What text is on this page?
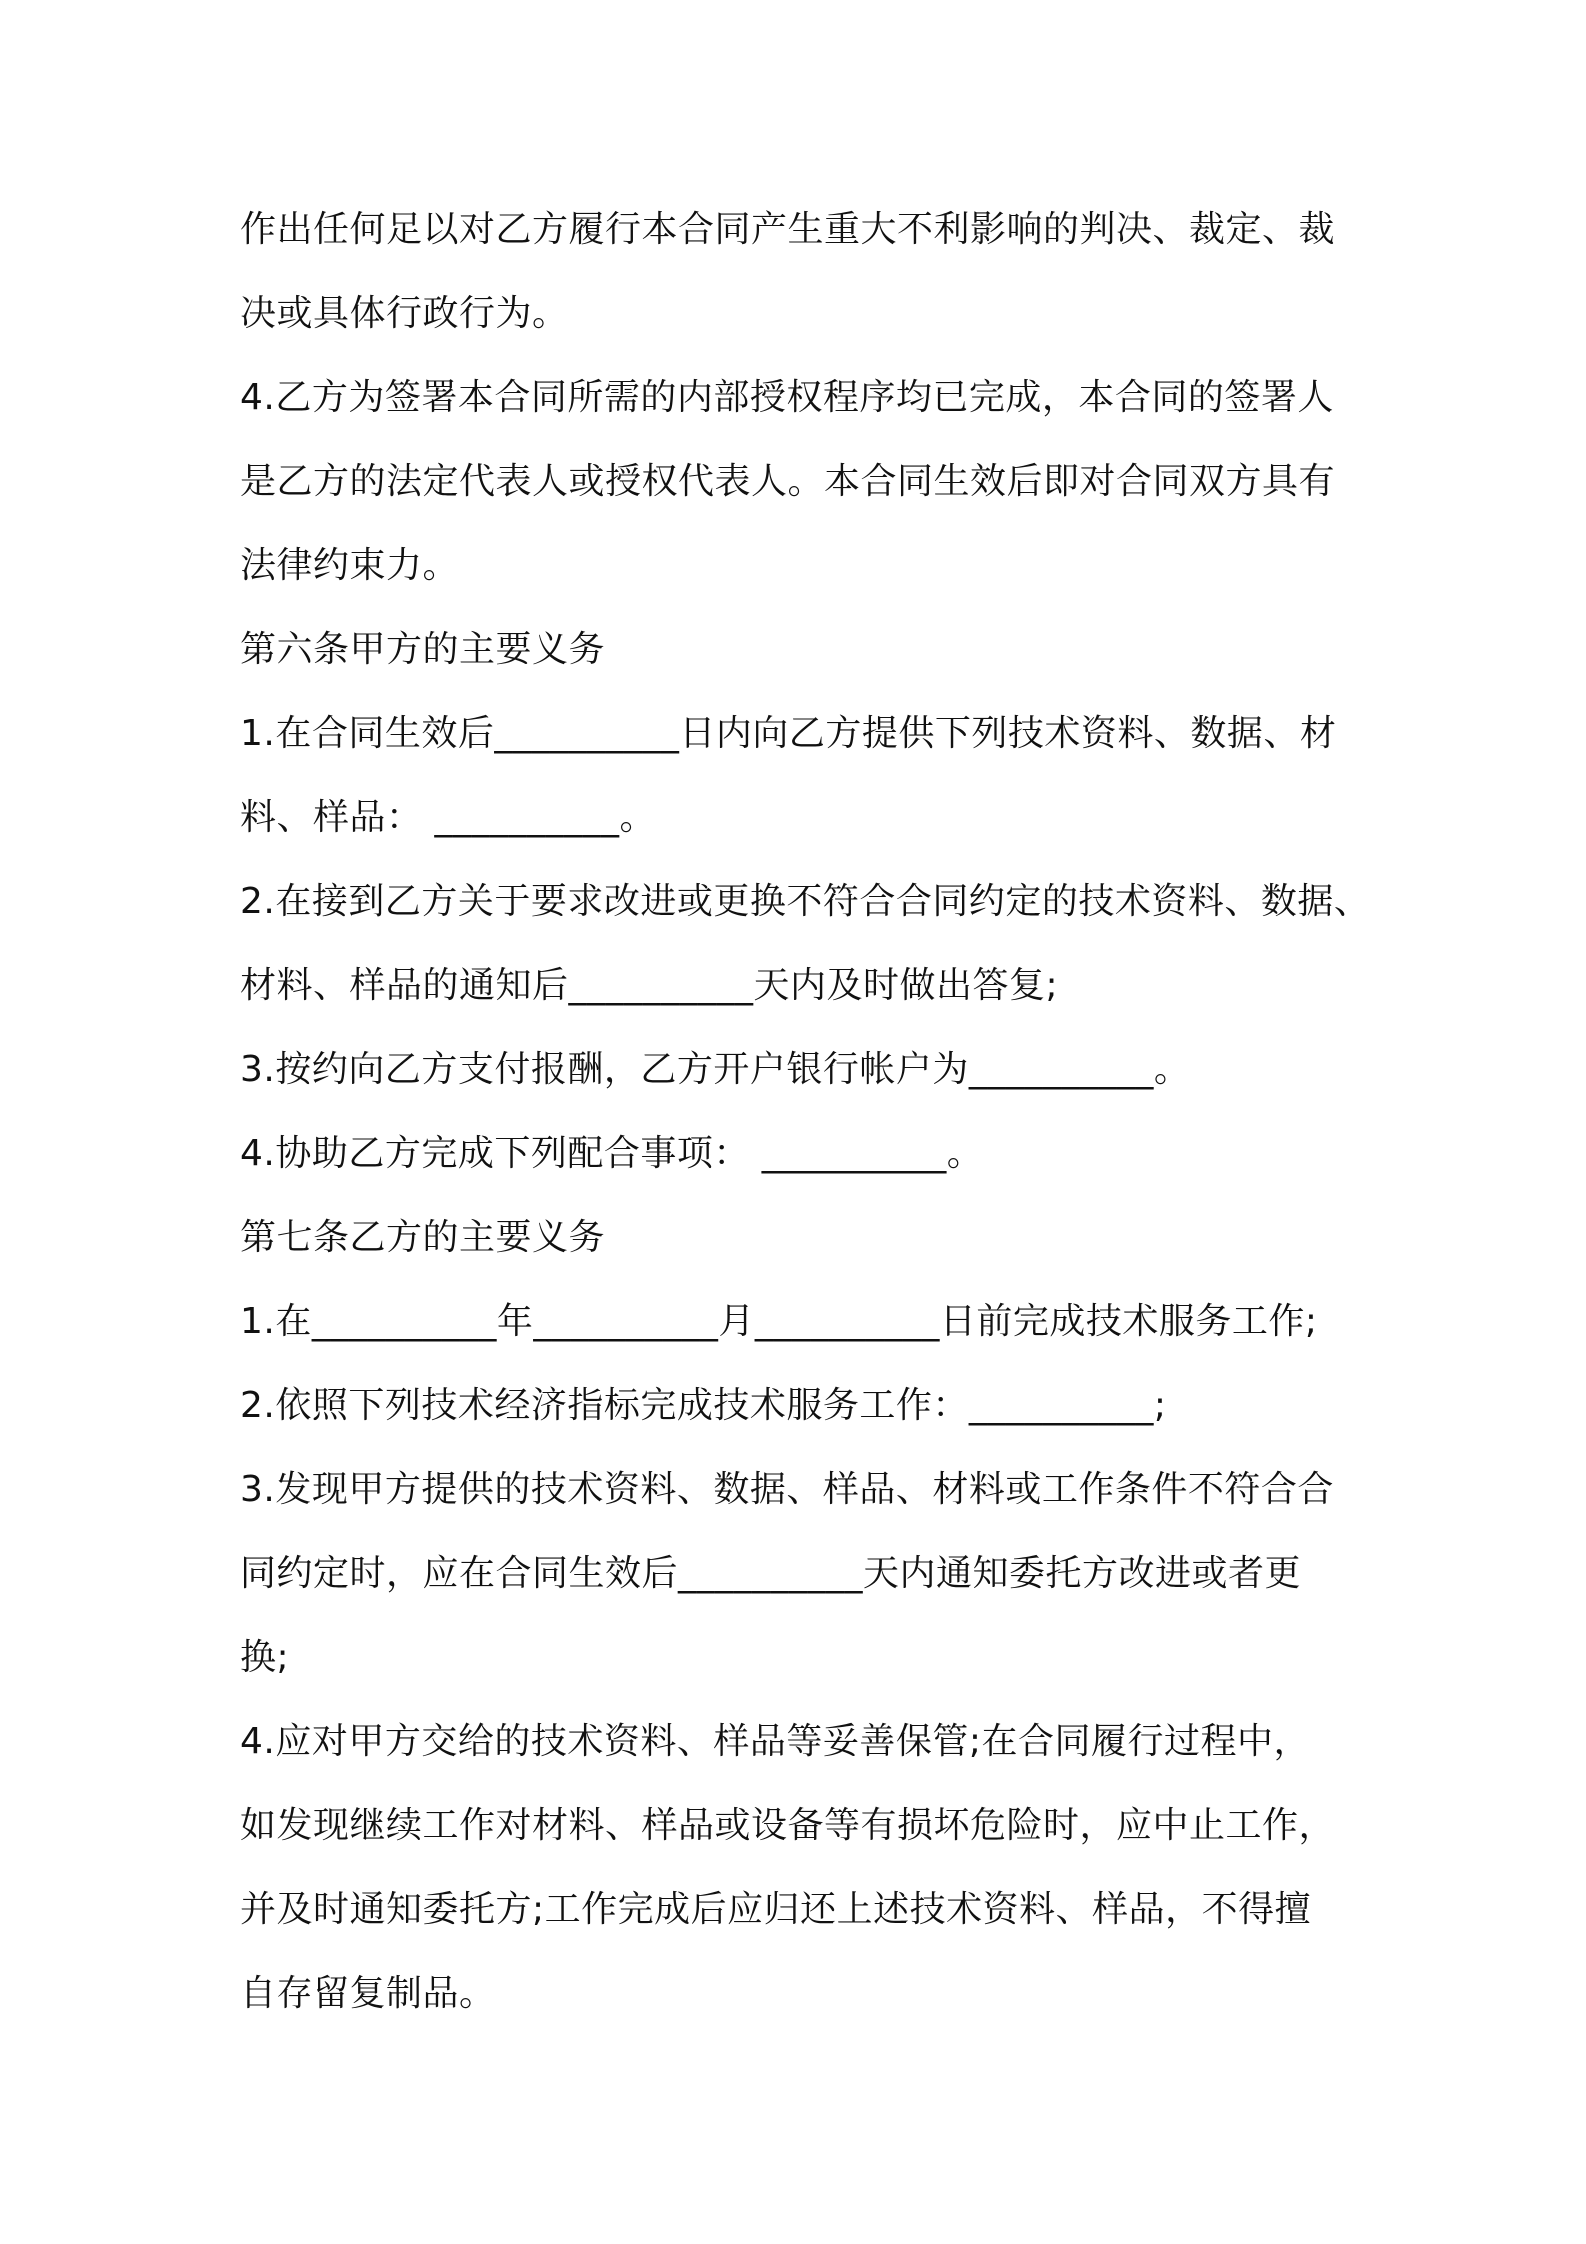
作出任何足以对乙方履行本合同产生重大不利影响的判决、裁定、裁
决或具体行政行为。
4.乙方为签署本合同所需的内部授权程序均已完成，本合同的签署人
是乙方的法定代表人或授权代表人。本合同生效后即对合同双方具有
法律约束力。
第六条甲方的主要义务
1.在合同生效后__________日内向乙方提供下列技术资料、数据、材
料、样品： __________。
2.在接到乙方关于要求改进或更换不符合合同约定的技术资料、数据、
材料、样品的通知后__________天内及时做出答复;
3.按约向乙方支付报酬，乙方开户银行帐户为__________。
4.协助乙方完成下列配合事项： __________。
第七条乙方的主要义务
1.在__________年__________月__________日前完成技术服务工作;
2.依照下列技术经济指标完成技术服务工作：__________;
3.发现甲方提供的技术资料、数据、样品、材料或工作条件不符合合
同约定时，应在合同生效后__________天内通知委托方改进或者更
换;
4.应对甲方交给的技术资料、样品等妥善保管;在合同履行过程中，
如发现继续工作对材料、样品或设备等有损坏危险时，应中止工作，
并及时通知委托方;工作完成后应归还上述技术资料、样品，不得擅
自存留复制品。
